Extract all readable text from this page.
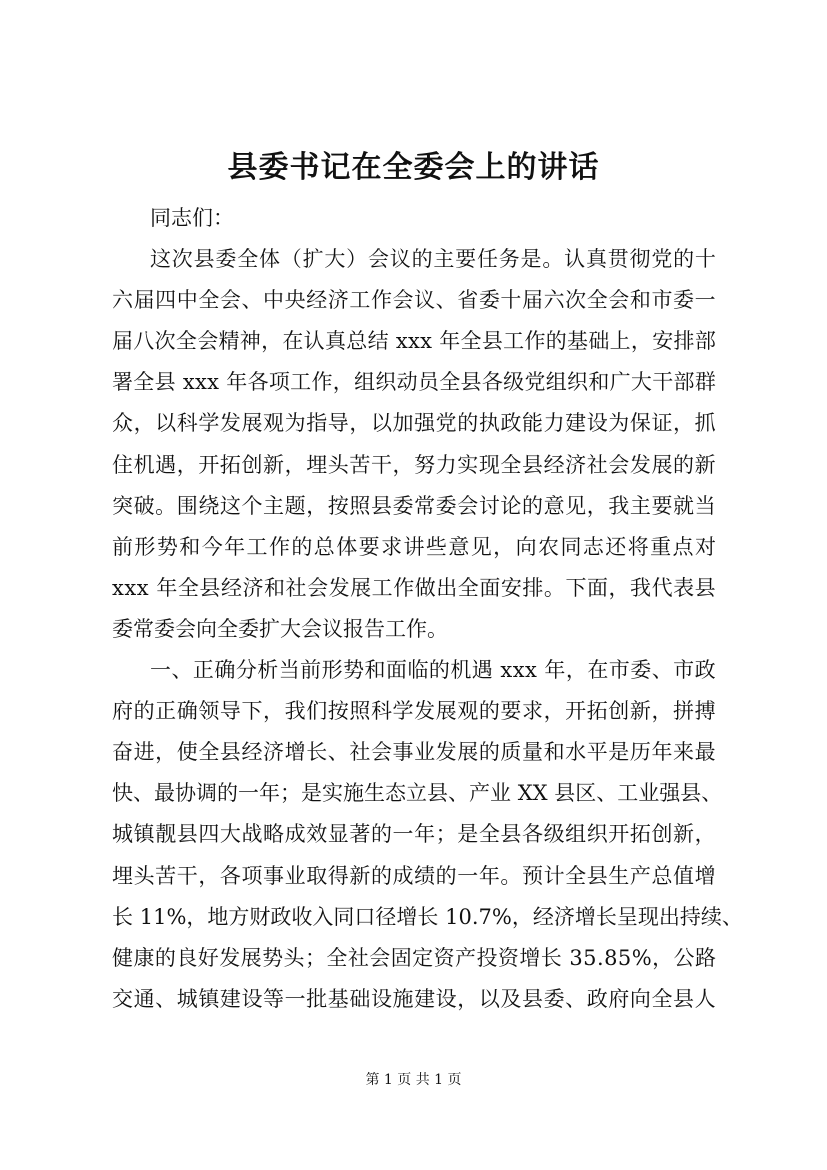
县委书记在全委会上的讲话
同志们：
这 次 县 委 全 体 （ 扩 大 ） 会 议 的 主 要 任 务 是 。 认 真 贯 彻 党 的 十
六 届 四 中 全 会 、 中 央 经 济 工 作 会 议 、 省 委 十 届 六 次 全 会 和 市 委 一
届 八 次 全 会 精 神 ， 在 认 真 总 结
x x x
年 全 县 工 作 的 基 础 上 ， 安 排 部
署 全 县
x x x
年 各 项 工 作 ， 组 织 动 员 全 县 各 级 党 组 织 和 广 大 干 部 群
众 ， 以 科 学 发 展 观 为 指 导 ， 以 加 强 党 的 执 政 能 力 建 设 为 保 证 ， 抓
住 机 遇 ， 开 拓 创 新 ， 埋 头 苦 干 ， 努 力 实 现 全 县 经 济 社 会 发 展 的 新
突 破 。 围 绕 这 个 主 题 ， 按 照 县 委 常 委 会 讨 论 的 意 见 ， 我 主 要 就 当
前 形 势 和 今 年 工 作 的 总 体 要 求 讲 些 意 见 ， 向 农 同 志 还 将 重 点 对
x x x
年 全 县 经 济 和 社 会 发 展 工 作 做 出 全 面 安 排 。 下 面 ， 我 代 表 县
委常委会向全委扩大会议报告工作。
一 、 正 确 分 析 当 前 形 势 和 面 临 的 机 遇
x x x
年 ， 在 市 委 、 市 政
府 的 正 确 领 导 下 ， 我 们 按 照 科 学 发 展 观 的 要 求 ， 开 拓 创 新 ， 拼 搏
奋 进 ， 使 全 县 经 济 增 长 、 社 会 事 业 发 展 的 质 量 和 水 平 是 历 年 来 最
快 、 最 协 调 的 一 年 ； 是 实 施 生 态 立 县 、 产 业
X X
县 区 、 工 业 强 县 、
城 镇 靓 县 四 大 战 略 成 效 显 著 的 一 年 ； 是 全 县 各 级 组 织 开 拓 创 新 ，
埋 头 苦 干 ， 各 项 事 业 取 得 新 的 成 绩 的 一 年 。 预 计 全 县 生 产 总 值 增
长
1 1 % ， 地 方 财 政 收 入 同 口 径 增 长
1 0 . 7 % ， 经 济 增 长 呈 现 出 持 续 、
健 康 的 良 好 发 展 势 头 ； 全 社 会 固 定 资 产 投 资 增 长
3 5 . 8 5 % ， 公 路
交 通 、 城 镇 建 设 等 一 批 基 础 设 施 建 设 ， 以 及 县 委 、 政 府 向 全 县 人
第 1 页 共 1 页
